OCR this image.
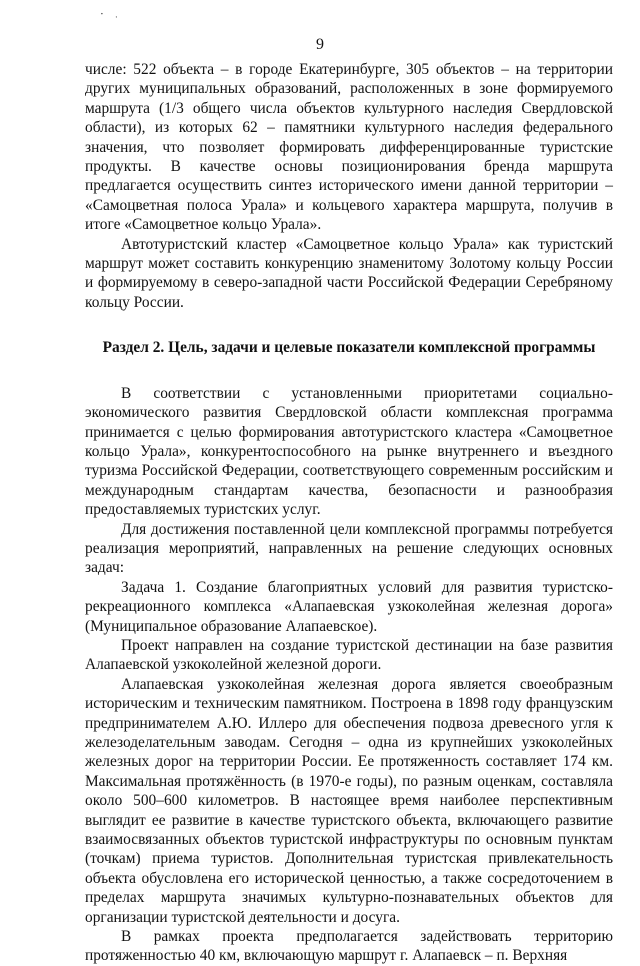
⠁ ·
9

числе: 522 объекта – в городе Екатеринбурге, 305 объектов – на территории других муниципальных образований, расположенных в зоне формируемого маршрута (1/3 общего числа объектов культурного наследия Свердловской области), из которых 62 – памятники культурного наследия федерального значения, что позволяет формировать дифференцированные туристские продукты. В качестве основы позиционирования бренда маршрута предлагается осуществить синтез исторического имени данной территории – «Самоцветная полоса Урала» и кольцевого характера маршрута, получив в итоге «Самоцветное кольцо Урала».

Автотуристский кластер «Самоцветное кольцо Урала» как туристский маршрут может составить конкуренцию знаменитому Золотому кольцу России и формируемому в северо-западной части Российской Федерации Серебряному кольцу России.

Раздел 2. Цель, задачи и целевые показатели комплексной программы

В соответствии с установленными приоритетами социально-экономического развития Свердловской области комплексная программа принимается с целью формирования автотуристского кластера «Самоцветное кольцо Урала», конкурентоспособного на рынке внутреннего и въездного туризма Российской Федерации, соответствующего современным российским и международным стандартам качества, безопасности и разнообразия предоставляемых туристских услуг.

Для достижения поставленной цели комплексной программы потребуется реализация мероприятий, направленных на решение следующих основных задач:

Задача 1. Создание благоприятных условий для развития туристско-рекреационного комплекса «Алапаевская узкоколейная железная дорога» (Муниципальное образование Алапаевское).

Проект направлен на создание туристской дестинации на базе развития Алапаевской узкоколейной железной дороги.

Алапаевская узкоколейная железная дорога является своеобразным историческим и техническим памятником. Построена в 1898 году французским предпринимателем А.Ю. Иллеро для обеспечения подвоза древесного угля к железоделательным заводам. Сегодня – одна из крупнейших узкоколейных железных дорог на территории России. Ее протяженность составляет 174 км. Максимальная протяжённость (в 1970-е годы), по разным оценкам, составляла около 500–600 километров. В настоящее время наиболее перспективным выглядит ее развитие в качестве туристского объекта, включающего развитие взаимосвязанных объектов туристской инфраструктуры по основным пунктам (точкам) приема туристов. Дополнительная туристская привлекательность объекта обусловлена его исторической ценностью, а также сосредоточением в пределах маршрута значимых культурно-познавательных объектов для организации туристской деятельности и досуга.

В рамках проекта предполагается задействовать территорию протяженностью 40 км, включающую маршрут г. Алапаевск – п. Верхняя
